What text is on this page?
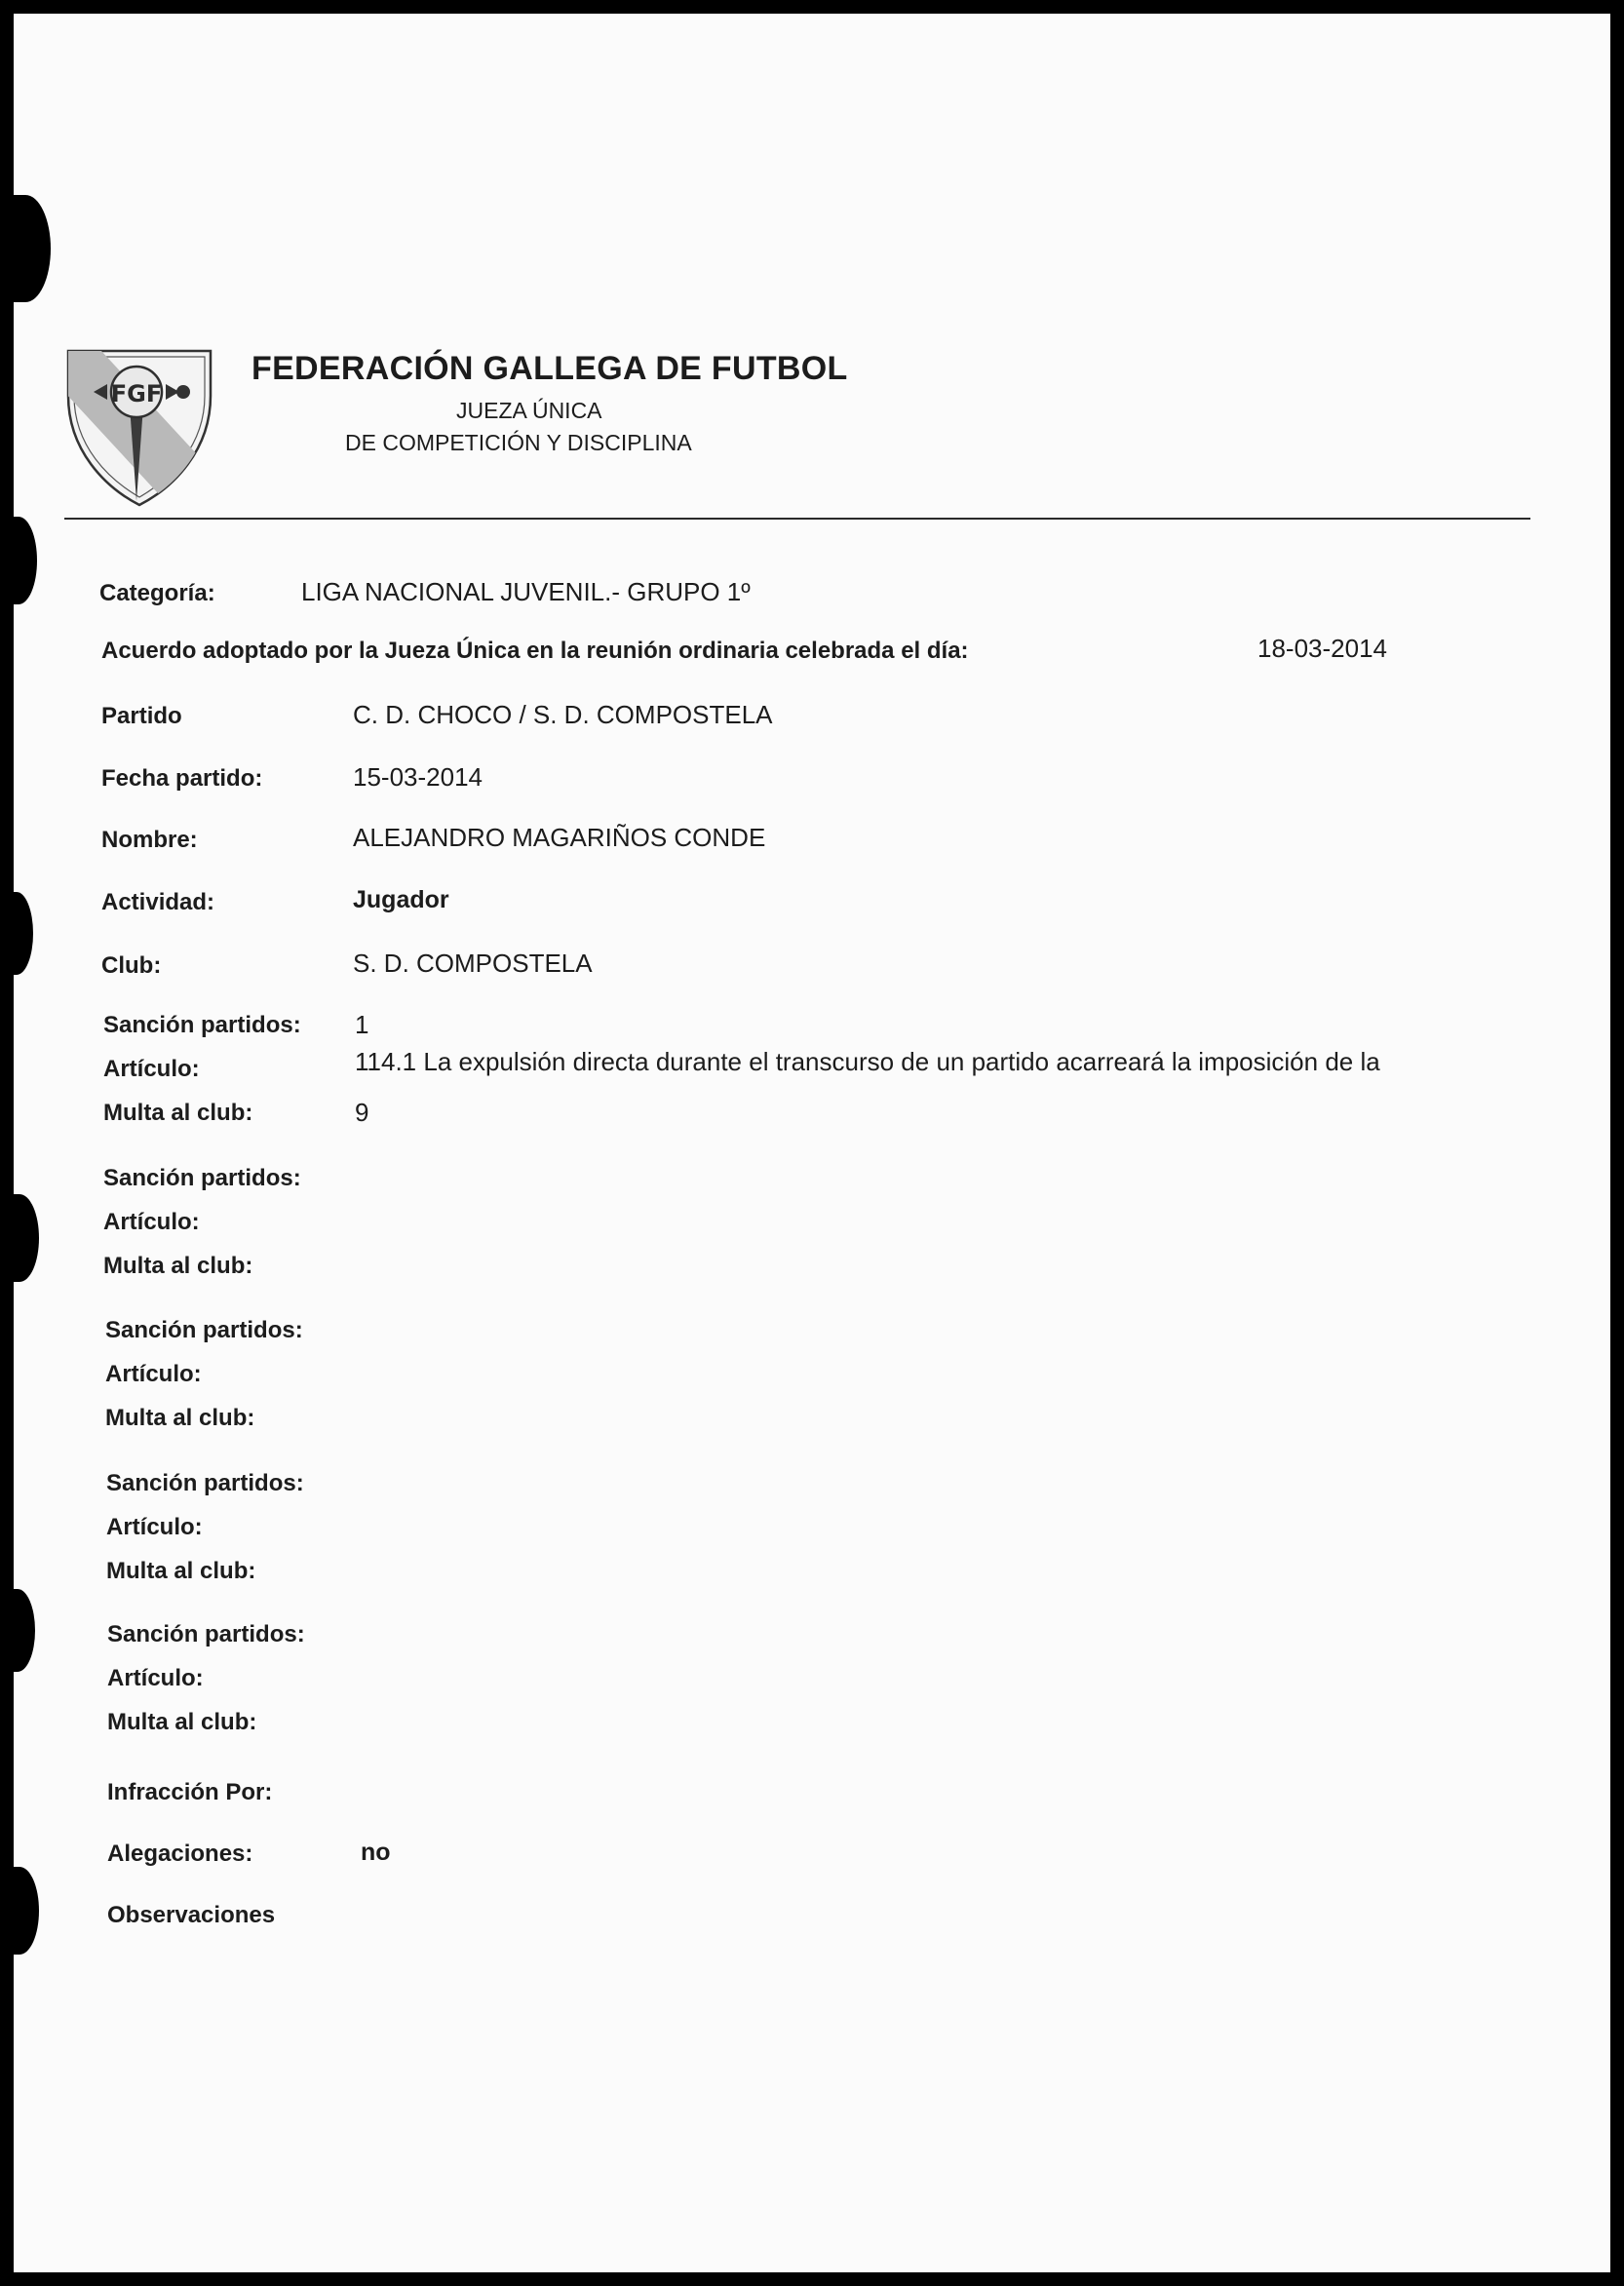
FGF
FEDERACIÓN GALLEGA DE FUTBOL
JUEZA ÚNICA
DE COMPETICIÓN Y DISCIPLINA
Categoría:	LIGA NACIONAL JUVENIL.- GRUPO 1º
Acuerdo adoptado por la Jueza Única en la reunión ordinaria celebrada el día:	18-03-2014
Partido	C. D. CHOCO / S. D. COMPOSTELA
Fecha partido:	15-03-2014
Nombre:	ALEJANDRO MAGARIÑOS CONDE
Actividad:	Jugador
Club:	S. D. COMPOSTELA
Sanción partidos: 1
Artículo:	114.1 La expulsión directa durante el transcurso de un partido acarreará la imposición de la
Multa al club:	9
Sanción partidos:
Artículo:
Multa al club:
Sanción partidos:
Artículo:
Multa al club:
Sanción partidos:
Artículo:
Multa al club:
Sanción partidos:
Artículo:
Multa al club:
Infracción Por:
Alegaciones:	no
Observaciones
